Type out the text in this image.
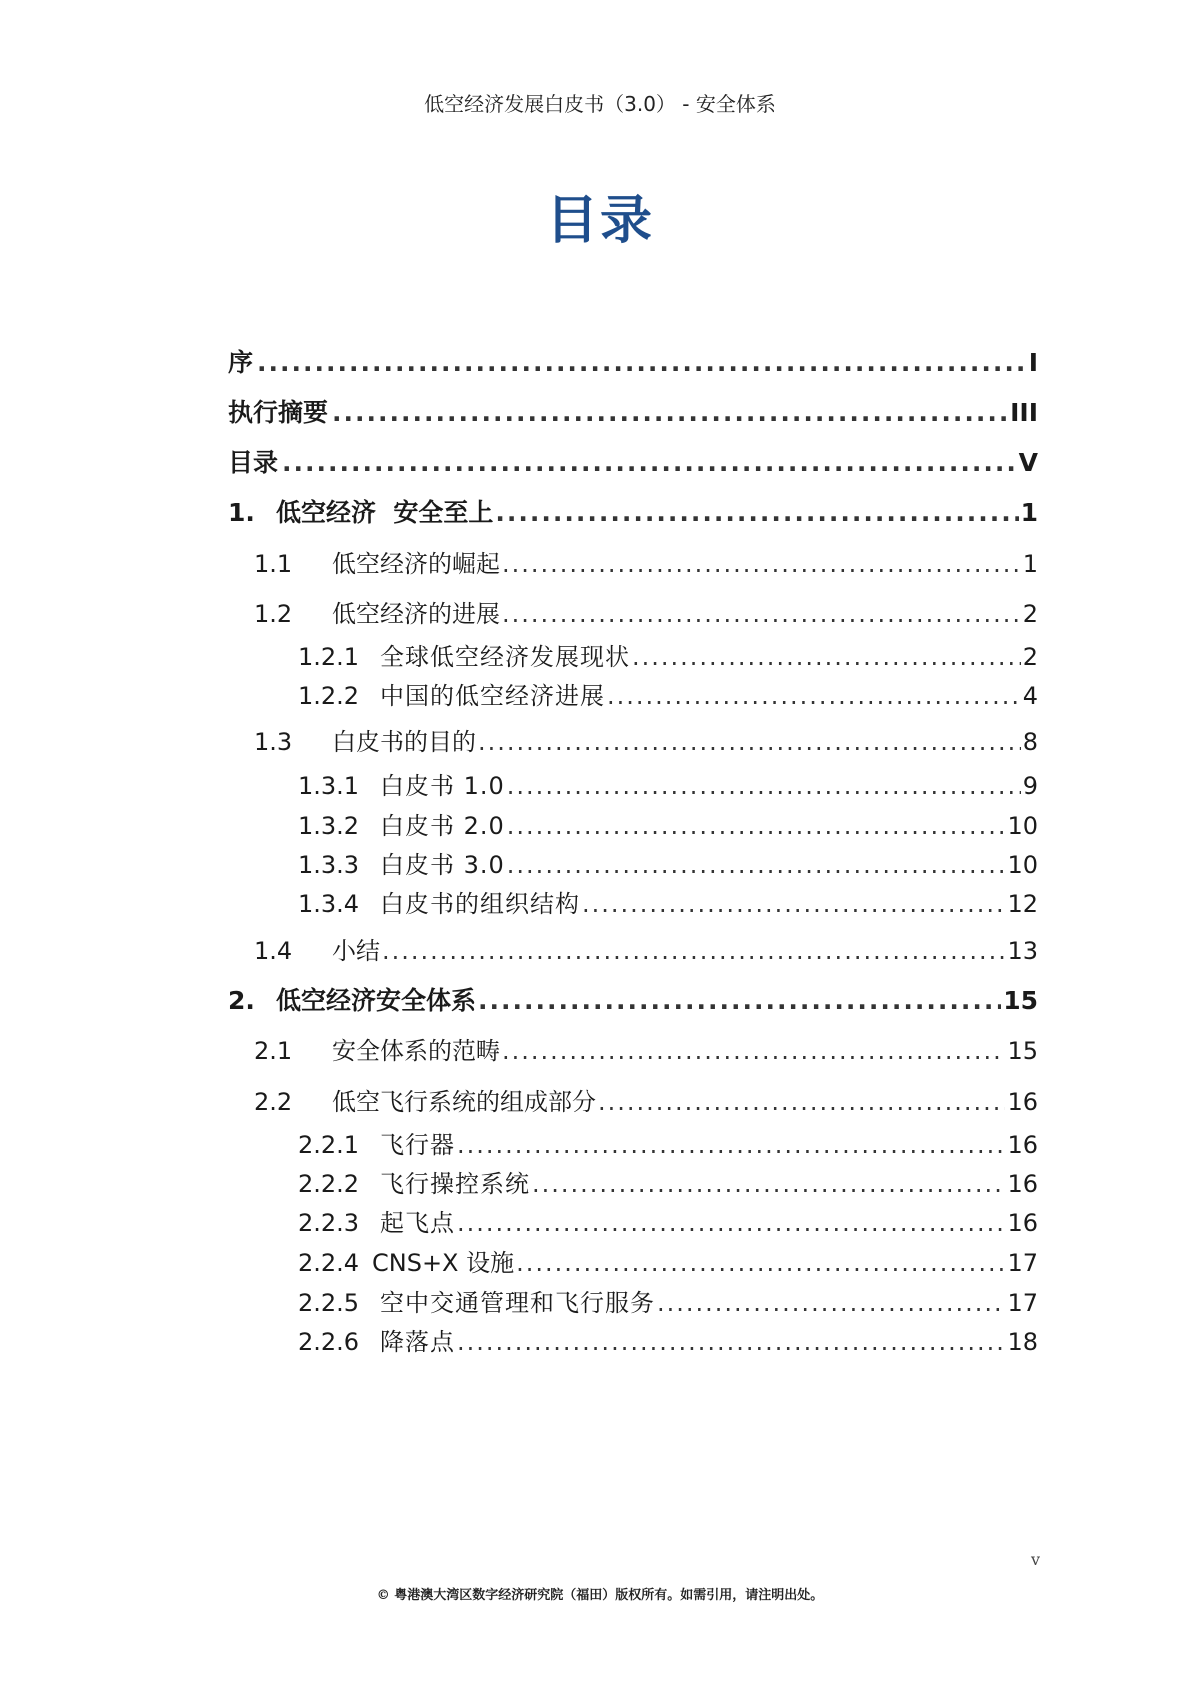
低空经济发展白皮书（3.0） - 安全体系
目录
序 .....	I
执行摘要 .....	III
目录 .....	V
1. 低空经济  安全至上 .....	1
1.1	低空经济的崛起 .....	1
1.2	低空经济的进展 .....	2
1.2.1 全球低空经济发展现状 .....	2
1.2.2 中国的低空经济进展 .....	4
1.3	白皮书的目的 .....	8
1.3.1 白皮书 1.0 .....	9
1.3.2 白皮书 2.0 .....	10
1.3.3 白皮书 3.0 .....	10
1.3.4 白皮书的组织结构 .....	12
1.4	小结 .....	13
2. 低空经济安全体系 .....	15
2.1	安全体系的范畴 .....	15
2.2	低空飞行系统的组成部分 .....	16
2.2.1 飞行器 .....	16
2.2.2 飞行操控系统 .....	16
2.2.3 起飞点 .....	16
2.2.4 CNS+X 设施 .....	17
2.2.5 空中交通管理和飞行服务 .....	17
2.2.6 降落点 .....	18
v
© 粤港澳大湾区数字经济研究院（福田）版权所有。如需引用，请注明出处。
